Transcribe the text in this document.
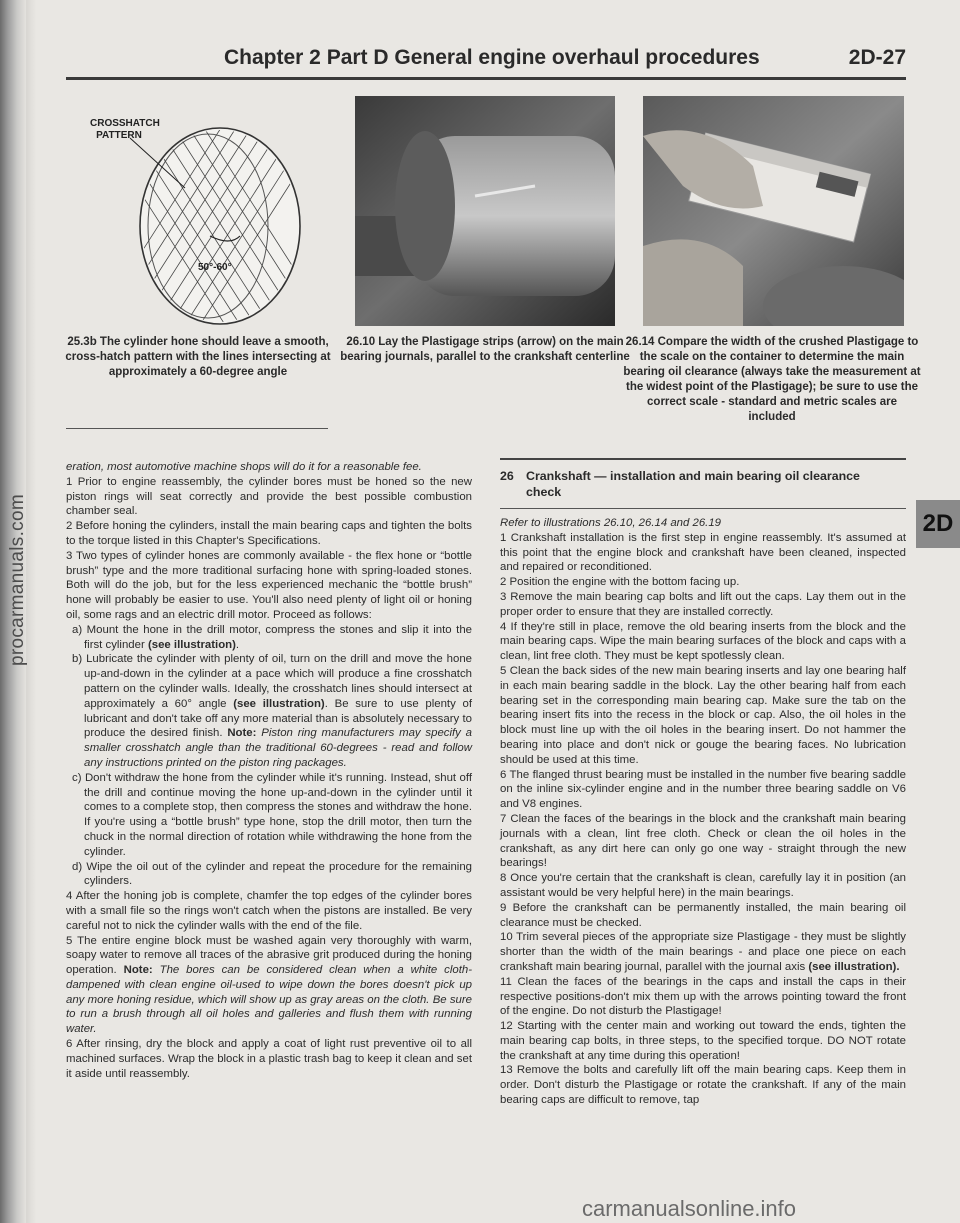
procarmanuals.com
Chapter 2 Part D General engine overhaul procedures	2D-27
CROSSHATCH PATTERN
50°-60°
25.3b The cylinder hone should leave a smooth, cross-hatch pattern with the lines intersecting at approximately a 60-degree angle
26.10 Lay the Plastigage strips (arrow) on the main bearing journals, parallel to the crankshaft centerline
26.14 Compare the width of the crushed Plastigage to the scale on the container to determine the main bearing oil clearance (always take the measurement at the widest point of the Plastigage); be sure to use the correct scale - standard and metric scales are included

eration, most automotive machine shops will do it for a reasonable fee.

1 Prior to engine reassembly, the cylinder bores must be honed so the new piston rings will seat correctly and provide the best possible combustion chamber seal.

2 Before honing the cylinders, install the main bearing caps and tighten the bolts to the torque listed in this Chapter's Specifications.

3 Two types of cylinder hones are commonly available - the flex hone or “bottle brush” type and the more traditional surfacing hone with spring-loaded stones. Both will do the job, but for the less experienced mechanic the “bottle brush” hone will probably be easier to use. You'll also need plenty of light oil or honing oil, some rags and an electric drill motor. Proceed as follows:

a) Mount the hone in the drill motor, compress the stones and slip it into the first cylinder (see illustration).

b) Lubricate the cylinder with plenty of oil, turn on the drill and move the hone up-and-down in the cylinder at a pace which will produce a fine crosshatch pattern on the cylinder walls. Ideally, the crosshatch lines should intersect at approximately a 60° angle (see illustration). Be sure to use plenty of lubricant and don't take off any more material than is absolutely necessary to produce the desired finish. Note: Piston ring manufacturers may specify a smaller crosshatch angle than the traditional 60-degrees - read and follow any instructions printed on the piston ring packages.

c) Don't withdraw the hone from the cylinder while it's running. Instead, shut off the drill and continue moving the hone up-and-down in the cylinder until it comes to a complete stop, then compress the stones and withdraw the hone. If you're using a “bottle brush” type hone, stop the drill motor, then turn the chuck in the normal direction of rotation while withdrawing the hone from the cylinder.

d) Wipe the oil out of the cylinder and repeat the procedure for the remaining cylinders.

4 After the honing job is complete, chamfer the top edges of the cylinder bores with a small file so the rings won't catch when the pistons are installed. Be very careful not to nick the cylinder walls with the end of the file.

5 The entire engine block must be washed again very thoroughly with warm, soapy water to remove all traces of the abrasive grit produced during the honing operation. Note: The bores can be considered clean when a white cloth-dampened with clean engine oil-used to wipe down the bores doesn't pick up any more honing residue, which will show up as gray areas on the cloth. Be sure to run a brush through all oil holes and galleries and flush them with running water.

6 After rinsing, dry the block and apply a coat of light rust preventive oil to all machined surfaces. Wrap the block in a plastic trash bag to keep it clean and set it aside until reassembly.

26 Crankshaft — installation and main bearing oil clearance
check

Refer to illustrations 26.10, 26.14 and 26.19

1 Crankshaft installation is the first step in engine reassembly. It's assumed at this point that the engine block and crankshaft have been cleaned, inspected and repaired or reconditioned.

2 Position the engine with the bottom facing up.

3 Remove the main bearing cap bolts and lift out the caps. Lay them out in the proper order to ensure that they are installed correctly.

4 If they're still in place, remove the old bearing inserts from the block and the main bearing caps. Wipe the main bearing surfaces of the block and caps with a clean, lint free cloth. They must be kept spotlessly clean.

5 Clean the back sides of the new main bearing inserts and lay one bearing half in each main bearing saddle in the block. Lay the other bearing half from each bearing set in the corresponding main bearing cap. Make sure the tab on the bearing insert fits into the recess in the block or cap. Also, the oil holes in the block must line up with the oil holes in the bearing insert. Do not hammer the bearing into place and don't nick or gouge the bearing faces. No lubrication should be used at this time.

6 The flanged thrust bearing must be installed in the number five bearing saddle on the inline six-cylinder engine and in the number three bearing saddle on V6 and V8 engines.

7 Clean the faces of the bearings in the block and the crankshaft main bearing journals with a clean, lint free cloth. Check or clean the oil holes in the crankshaft, as any dirt here can only go one way - straight through the new bearings!

8 Once you're certain that the crankshaft is clean, carefully lay it in position (an assistant would be very helpful here) in the main bearings.

9 Before the crankshaft can be permanently installed, the main bearing oil clearance must be checked.

10 Trim several pieces of the appropriate size Plastigage - they must be slightly shorter than the width of the main bearings - and place one piece on each crankshaft main bearing journal, parallel with the journal axis (see illustration).

11 Clean the faces of the bearings in the caps and install the caps in their respective positions-don't mix them up with the arrows pointing toward the front of the engine. Do not disturb the Plastigage!

12 Starting with the center main and working out toward the ends, tighten the main bearing cap bolts, in three steps, to the specified torque. DO NOT rotate the crankshaft at any time during this operation!

13 Remove the bolts and carefully lift off the main bearing caps. Keep them in order. Don't disturb the Plastigage or rotate the crankshaft. If any of the main bearing caps are difficult to remove, tap

2D
carmanualsonline.info
